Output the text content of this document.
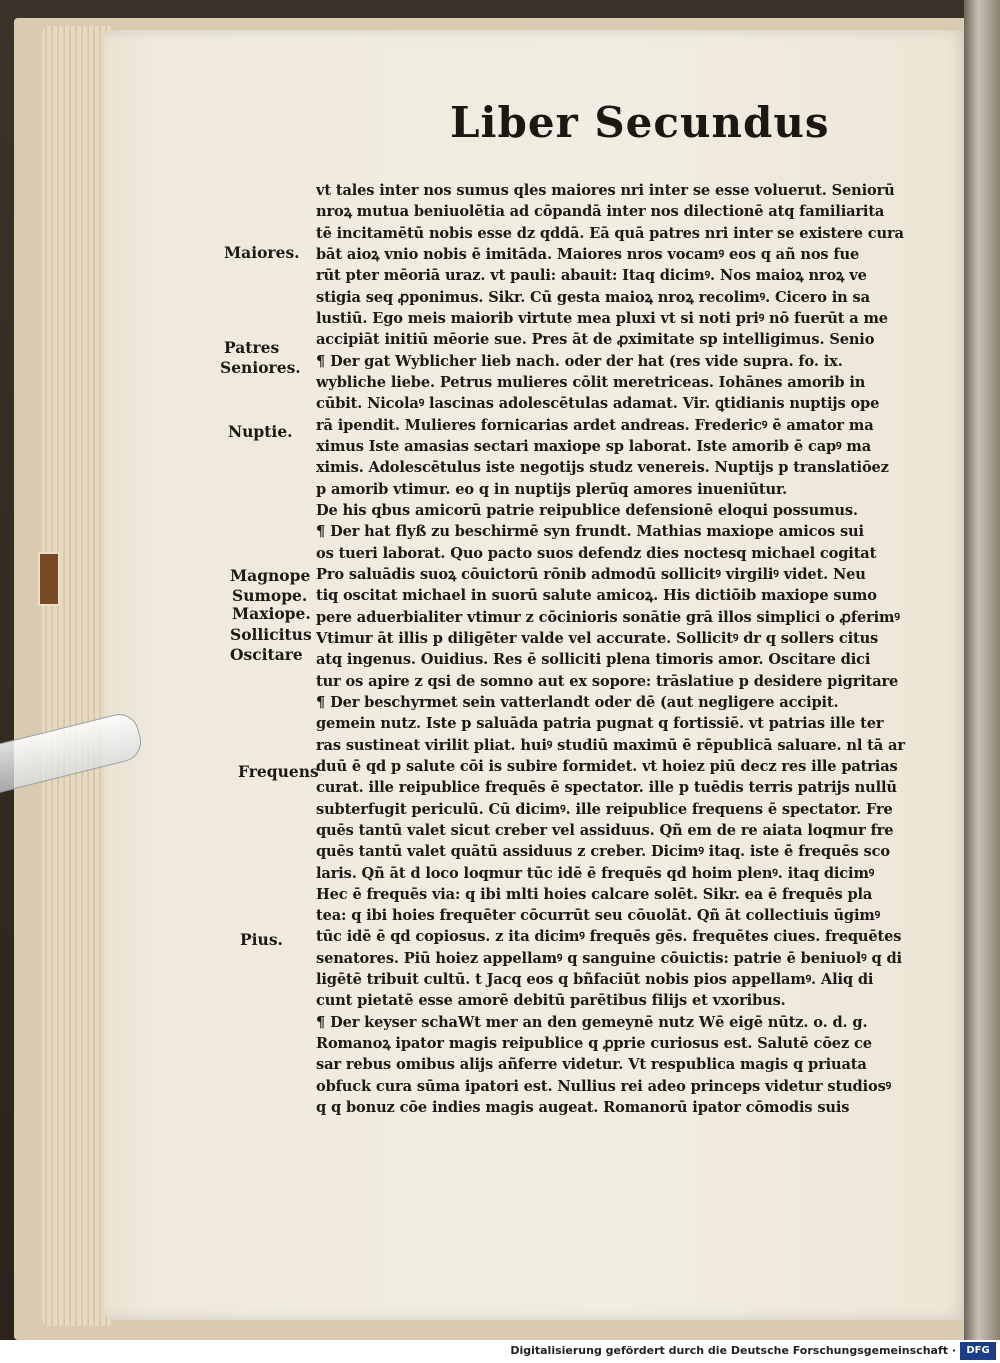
Liber Secundus
Maiores.
Patres
Seniores.
Nuptie.
Magnope
Sumope.
Maxiope.
Sollicitus
Oscitare
Frequens
Pius.
vt tales inter nos sumus qles maiores nri inter se esse voluerut. Seniorū
nroꝝ mutua beniuolētia ad cōpandā inter nos dilectionē atq familiarita
tē incitamētū nobis esse dz qddā. Eā quā patres nri inter se existere cura
bāt aioꝝ vnio nobis ē imitāda. Maiores nros vocamꝰ eos q añ nos fue
rūt pter mēoriā uraz. vt pauli: abauit: Itaq dicimꝰ. Nos maioꝝ nroꝝ ve
stigia seq ꝓponimus. Sikr. Cū gesta maioꝝ nroꝝ recolimꝰ. Cicero in sa
lustiū. Ego meis maiorib virtute mea pluxi vt si noti priꝰ nō fuerūt a me
accipiāt initiū mēorie sue. Pres āt de ꝓximitate sp intelligimus. Senio
¶ Der gat Wyblicher lieb nach. oder der hat (res vide supra. fo. ix.
wybliche liebe. Petrus mulieres cōlit meretricеas. Iohānes amorib in
cūbit. Nicolaꝰ lascinas adolescētulas adamat. Vir. ꝗtidianis nuptijs ope
rā ipendit. Mulieres fornicarias ardet andreas. Fredericꝰ ē amator ma
ximus Iste amasias sectari maxiope sp laborat. Iste amorib ē capꝰ ma
ximis. Adolescētulus iste negotijs studz venereis. Nuptijs p translatiōez
p amorib vtimur. eo q in nuptijs plerūq amores inueniūtur.
De his qbus amicorū patrie reipublice defensionē eloqui possumus.
¶ Der hat flyß zu beschirmē syn frundt. Mathias maxiope amicos sui
os tueri laborat. Quo pacto suos defendz dies noctesq michael cogitat
Pro saluādis suoꝝ cōuictorū rōnib admodū sollicitꝰ virgiliꝰ videt. Neu
tiq oscitat michael in suorū salute amicoꝝ. His dictiōib maxiope sumo
pere aduerbialiter vtimur z cōcinioris sonātie grā illos simplici o ꝓferimꝰ
Vtimur āt illis p diligēter valde vel accurate. Sollicitꝰ dr q sollers citus
atq ingenus. Ouidius. Res ē solliciti plena timoris amor. Oscitare dici
tur os apire z qsi de somno aut ex sopore: trāslatiue p desidere pigritare
¶ Der beschyrmet sein vatterlandt oder dē (aut negligere accipit.
gemein nutz. Iste p saluāda patria pugnat q fortissiē. vt patrias ille ter
ras sustineat virilit pliat. huiꝰ studiū maximū ē rēpublicā saluare. nl tā ar
duū ē qd p salute cōi is subire formidet. vt hoiez piū decz res ille patrias
curat. ille reipublice frequēs ē spectator. ille p tuēdis terris patrijs nullū
subterfugit periculū. Cū dicimꝰ. ille reipublice frequens ē spectator. Fre
quēs tantū valet sicut creber vel assiduus. Qñ em de re aiata loqmur fre
quēs tantū valet quātū assiduus z creber. Dicimꝰ itaq. iste ē frequēs sco
laris. Qñ āt d loco loqmur tūc idē ē frequēs qd hoim plenꝰ. itaq dicimꝰ
Hec ē frequēs via: q ibi mlti hoies calcare solēt. Sikr. ea ē frequēs pla
tea: q ibi hoies frequēter cōcurrūt seu cōuolāt. Qñ āt collectiuis ūgimꝰ
tūc idē ē qd copiosus. z ita dicimꝰ frequēs gēs. frequētes ciues. frequētes
senatores. Piū hoiez appellamꝰ q sanguine cōuictis: patrie ē beniuolꝰ q di
ligētē tribuit cultū. t Jacq eos q bñfaciūt nobis pios appellamꝰ. Aliq di
cunt pietatē esse amorē debitū parētibus filijs et vxoribus.
¶ Der keyser schaWt mer an den gemeynē nutz Wē eigē nūtz. o. d. g.
Romanoꝝ ipator magis reipublice q ꝓprie curiosus est. Salutē cōez ce
sar rebus omibus alijs añferre videtur. Vt respublica magis q priuata
obfuck cura sūma ipatori est. Nullius rei adeo princeps videtur studiosꝰ
q q bonuz cōe indies magis augeat. Romanorū ipator cōmodis suis
Digitalisierung gefördert durch die Deutsche Forschungsgemeinschaft ·	DFG
